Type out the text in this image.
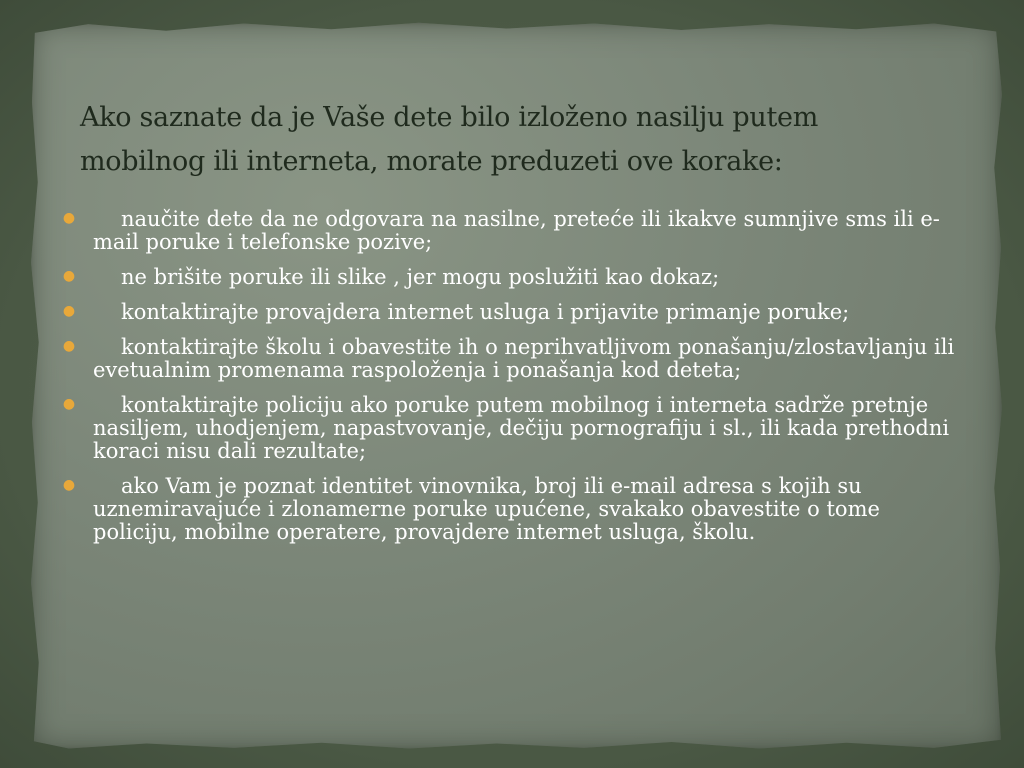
Ako saznate da je Vaše dete bilo izloženo nasilju putem mobilnog ili interneta, morate preduzeti ove korake:
●	naučite dete da ne odgovara na nasilne, preteće ili ikakve sumnjive sms ili e-mail poruke i telefonske pozive;
●	ne brišite poruke ili slike , jer mogu poslužiti kao dokaz;
●	kontaktirajte provajdera internet usluga i prijavite primanje poruke;
●	kontaktirajte školu i obavestite ih o neprihvatljivom ponašanju/zlostavljanju ili evetualnim promenama raspoloženja i ponašanja kod deteta;
●	kontaktirajte policiju ako poruke putem mobilnog i interneta sadrže pretnje nasiljem, uhodjenjem, napastvovanje, dečiju pornografiju i sl., ili kada prethodni koraci nisu dali rezultate;
●	ako Vam je poznat identitet vinovnika, broj ili e-mail adresa s kojih su uznemiravajuće i zlonamerne poruke upućene, svakako obavestite o tome policiju, mobilne operatere, provajdere internet usluga, školu.
